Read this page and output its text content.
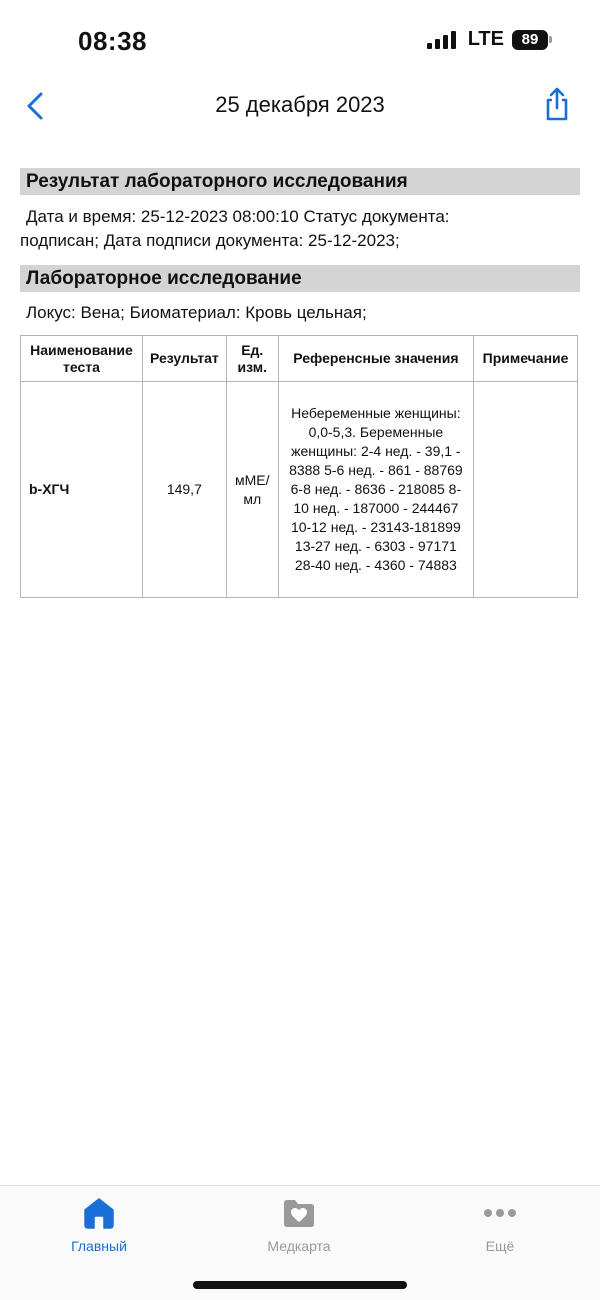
08:38	LTE	89
25 декабря 2023
Результат лабораторного исследования
Дата и время: 25-12-2023 08:00:10 Статус документа:
подписан; Дата подписи документа: 25-12-2023;
Лабораторное исследование
Локус: Вена; Биоматериал: Кровь цельная;
Наименование теста	Результат	Ед. изм.	Референсные значения	Примечание
b-ХГЧ	149,7	мМЕ/мл	Небеременные женщины: 0,0-5,3. Беременные женщины: 2-4 нед. - 39,1 - 8388 5-6 нед. - 861 - 88769 6-8 нед. - 8636 - 218085 8-10 нед. - 187000 - 244467 10-12 нед. - 23143-181899 13-27 нед. - 6303 - 97171 28-40 нед. - 4360 - 74883	
Главный	Медкарта	Ещё
